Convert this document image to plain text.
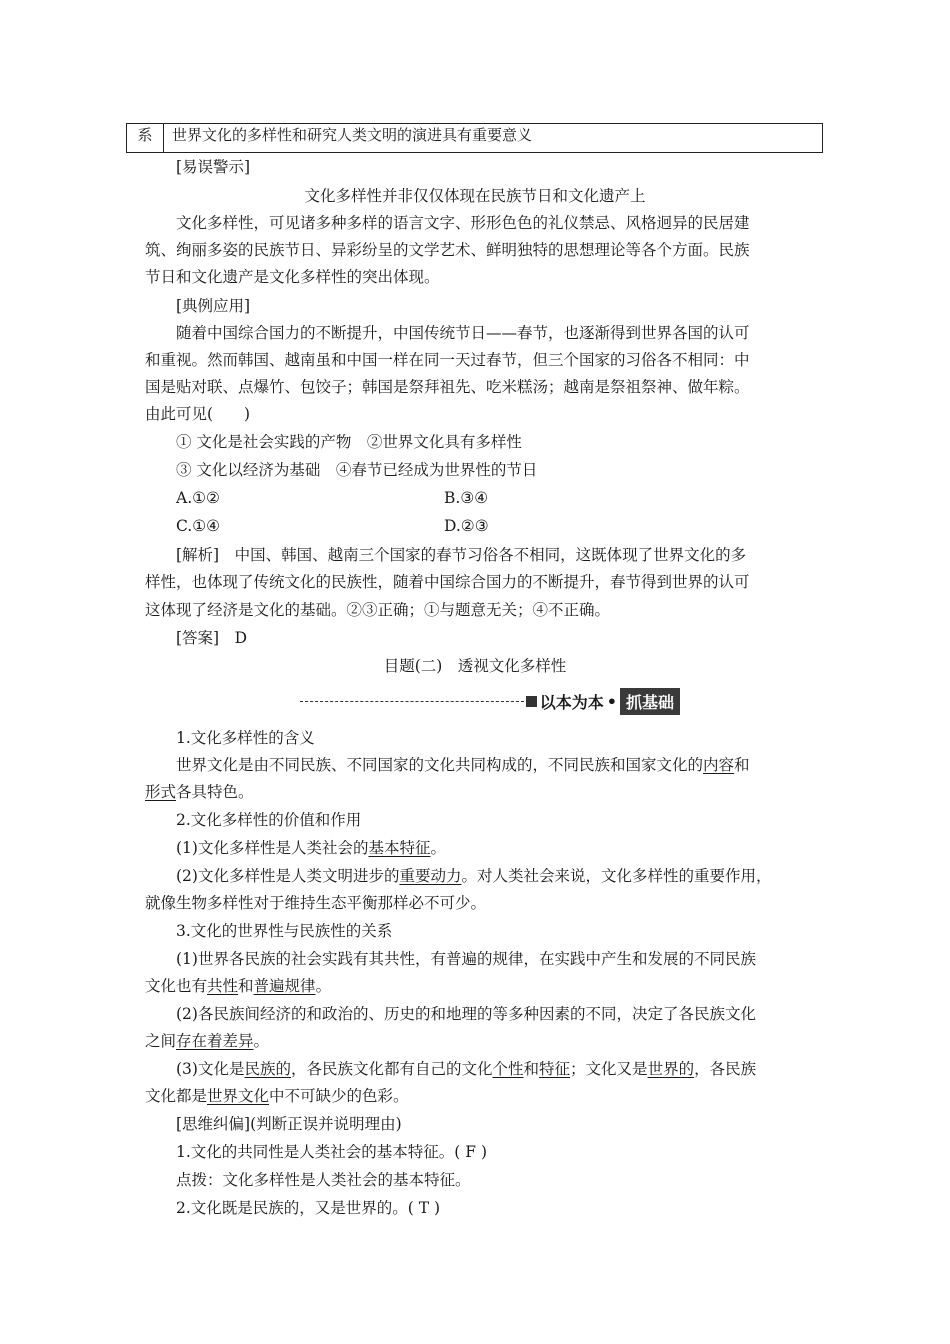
系	世界文化的多样性和研究人类文明的演进具有重要意义
[易误警示]
文化多样性并非仅仅体现在民族节日和文化遗产上
文化多样性，可见诸多种多样的语言文字、形形色色的礼仪禁忌、风格迥异的民居建
筑、绚丽多姿的民族节日、异彩纷呈的文学艺术、鲜明独特的思想理论等各个方面。民族
节日和文化遗产是文化多样性的突出体现。
[典例应用]
随着中国综合国力的不断提升，中国传统节日——春节，也逐渐得到世界各国的认可
和重视。然而韩国、越南虽和中国一样在同一天过春节，但三个国家的习俗各不相同：中
国是贴对联、点爆竹、包饺子；韩国是祭拜祖先、吃米糕汤；越南是祭祖祭神、做年粽。
由此可见(　　)
① 文化是社会实践的产物　②世界文化具有多样性
③ 文化以经济为基础　④春节已经成为世界性的节日
A.①②	B.③④
C.①④	D.②③
[解析]　中国、韩国、越南三个国家的春节习俗各不相同，这既体现了世界文化的多
样性，也体现了传统文化的民族性，随着中国综合国力的不断提升，春节得到世界的认可
这体现了经济是文化的基础。②③正确；①与题意无关；④不正确。
[答案]　D
目题(二)　透视文化多样性
以本为本 • 抓基础
1.文化多样性的含义
世界文化是由不同民族、不同国家的文化共同构成的，不同民族和国家文化的内容和
形式各具特色。
2.文化多样性的价值和作用
(1)文化多样性是人类社会的基本特征。
(2)文化多样性是人类文明进步的重要动力。对人类社会来说，文化多样性的重要作用，
就像生物多样性对于维持生态平衡那样必不可少。
3.文化的世界性与民族性的关系
(1)世界各民族的社会实践有其共性，有普遍的规律，在实践中产生和发展的不同民族
文化也有共性和普遍规律。
(2)各民族间经济的和政治的、历史的和地理的等多种因素的不同，决定了各民族文化
之间存在着差异。
(3)文化是民族的，各民族文化都有自己的文化个性和特征；文化又是世界的，各民族
文化都是世界文化中不可缺少的色彩。
[思维纠偏](判断正误并说明理由)
1.文化的共同性是人类社会的基本特征。( F )
点拨：文化多样性是人类社会的基本特征。
2.文化既是民族的，又是世界的。( T )
